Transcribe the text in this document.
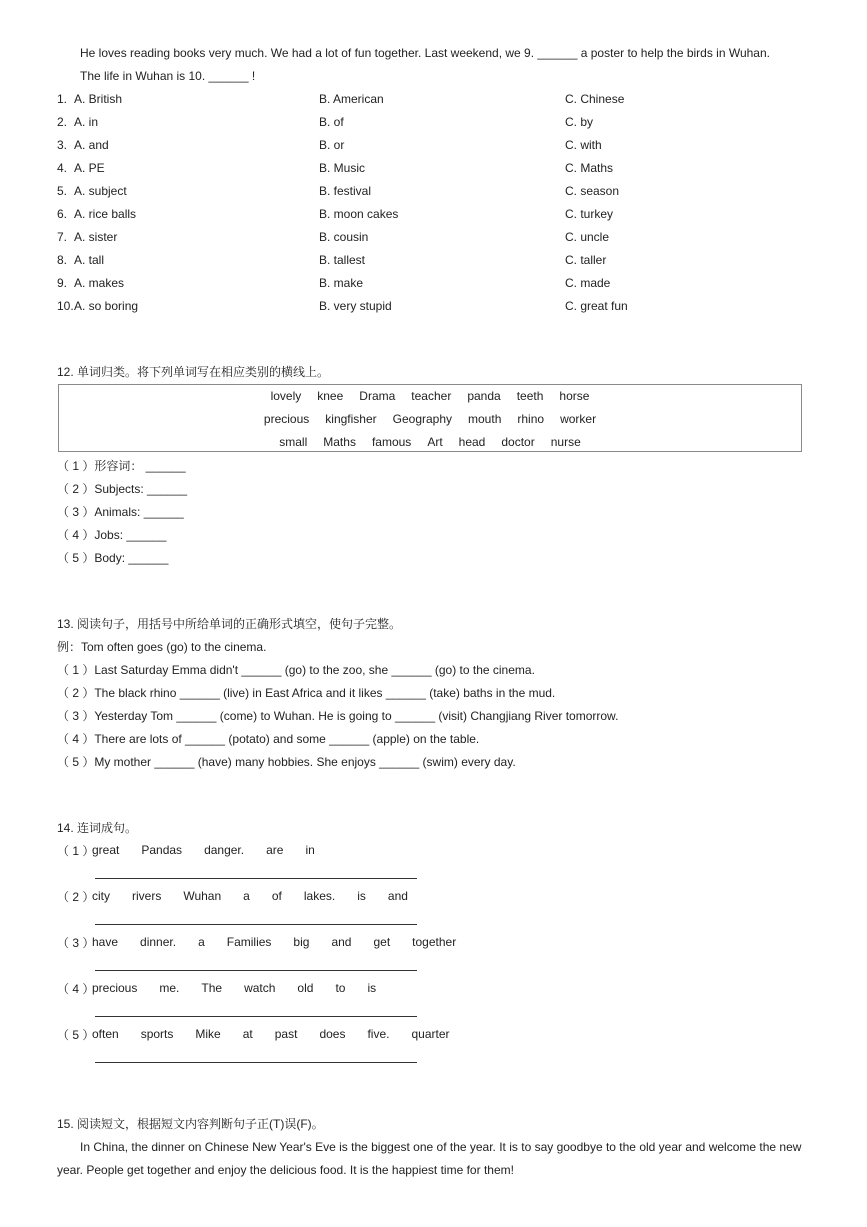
He loves reading books very much. We had a lot of fun together. Last weekend, we 9. ______ a poster to help the birds in Wuhan.
The life in Wuhan is 10. ______ !
1. A. British	B. American	C. Chinese
2. A. in	B. of	C. by
3. A. and	B. or	C. with
4. A. PE	B. Music	C. Maths
5. A. subject	B. festival	C. season
6. A. rice balls	B. moon cakes	C. turkey
7. A. sister	B. cousin	C. uncle
8. A. tall	B. tallest	C. taller
9. A. makes	B. make	C. made
10. A. so boring	B. very stupid	C. great fun
12. 单词归类。将下列单词写在相应类别的横线上。
lovely knee Drama teacher panda teeth horse
precious kingfisher Geography mouth rhino worker
small Maths famous Art head doctor nurse
（ 1 ）形容词： ______
（ 2 ）Subjects: ______
（ 3 ）Animals: ______
（ 4 ）Jobs: ______
（ 5 ）Body: ______
13. 阅读句子，用括号中所给单词的正确形式填空，使句子完整。
例：Tom often goes (go) to the cinema.
（ 1 ）Last Saturday Emma didn't ______ (go) to the zoo, she ______ (go) to the cinema.
（ 2 ）The black rhino ______ (live) in East Africa and it likes ______ (take) baths in the mud.
（ 3 ）Yesterday Tom ______ (come) to Wuhan. He is going to ______ (visit) Changjiang River tomorrow.
（ 4 ）There are lots of ______ (potato) and some ______ (apple) on the table.
（ 5 ）My mother ______ (have) many hobbies. She enjoys ______ (swim) every day.
14. 连词成句。
（ 1 ）
great Pandas danger. are in
（ 2 ）
city rivers Wuhan a of lakes. is and
（ 3 ）
have dinner. a Families big and get together
（ 4 ）
precious me. The watch old to is
（ 5 ）
often sports Mike at past does five. quarter
15. 阅读短文，根据短文内容判断句子正(T)误(F)。
In China, the dinner on Chinese New Year's Eve is the biggest one of the year. It is to say goodbye to the old year and welcome the new year. People get together and enjoy the delicious food. It is the happiest time for them!
